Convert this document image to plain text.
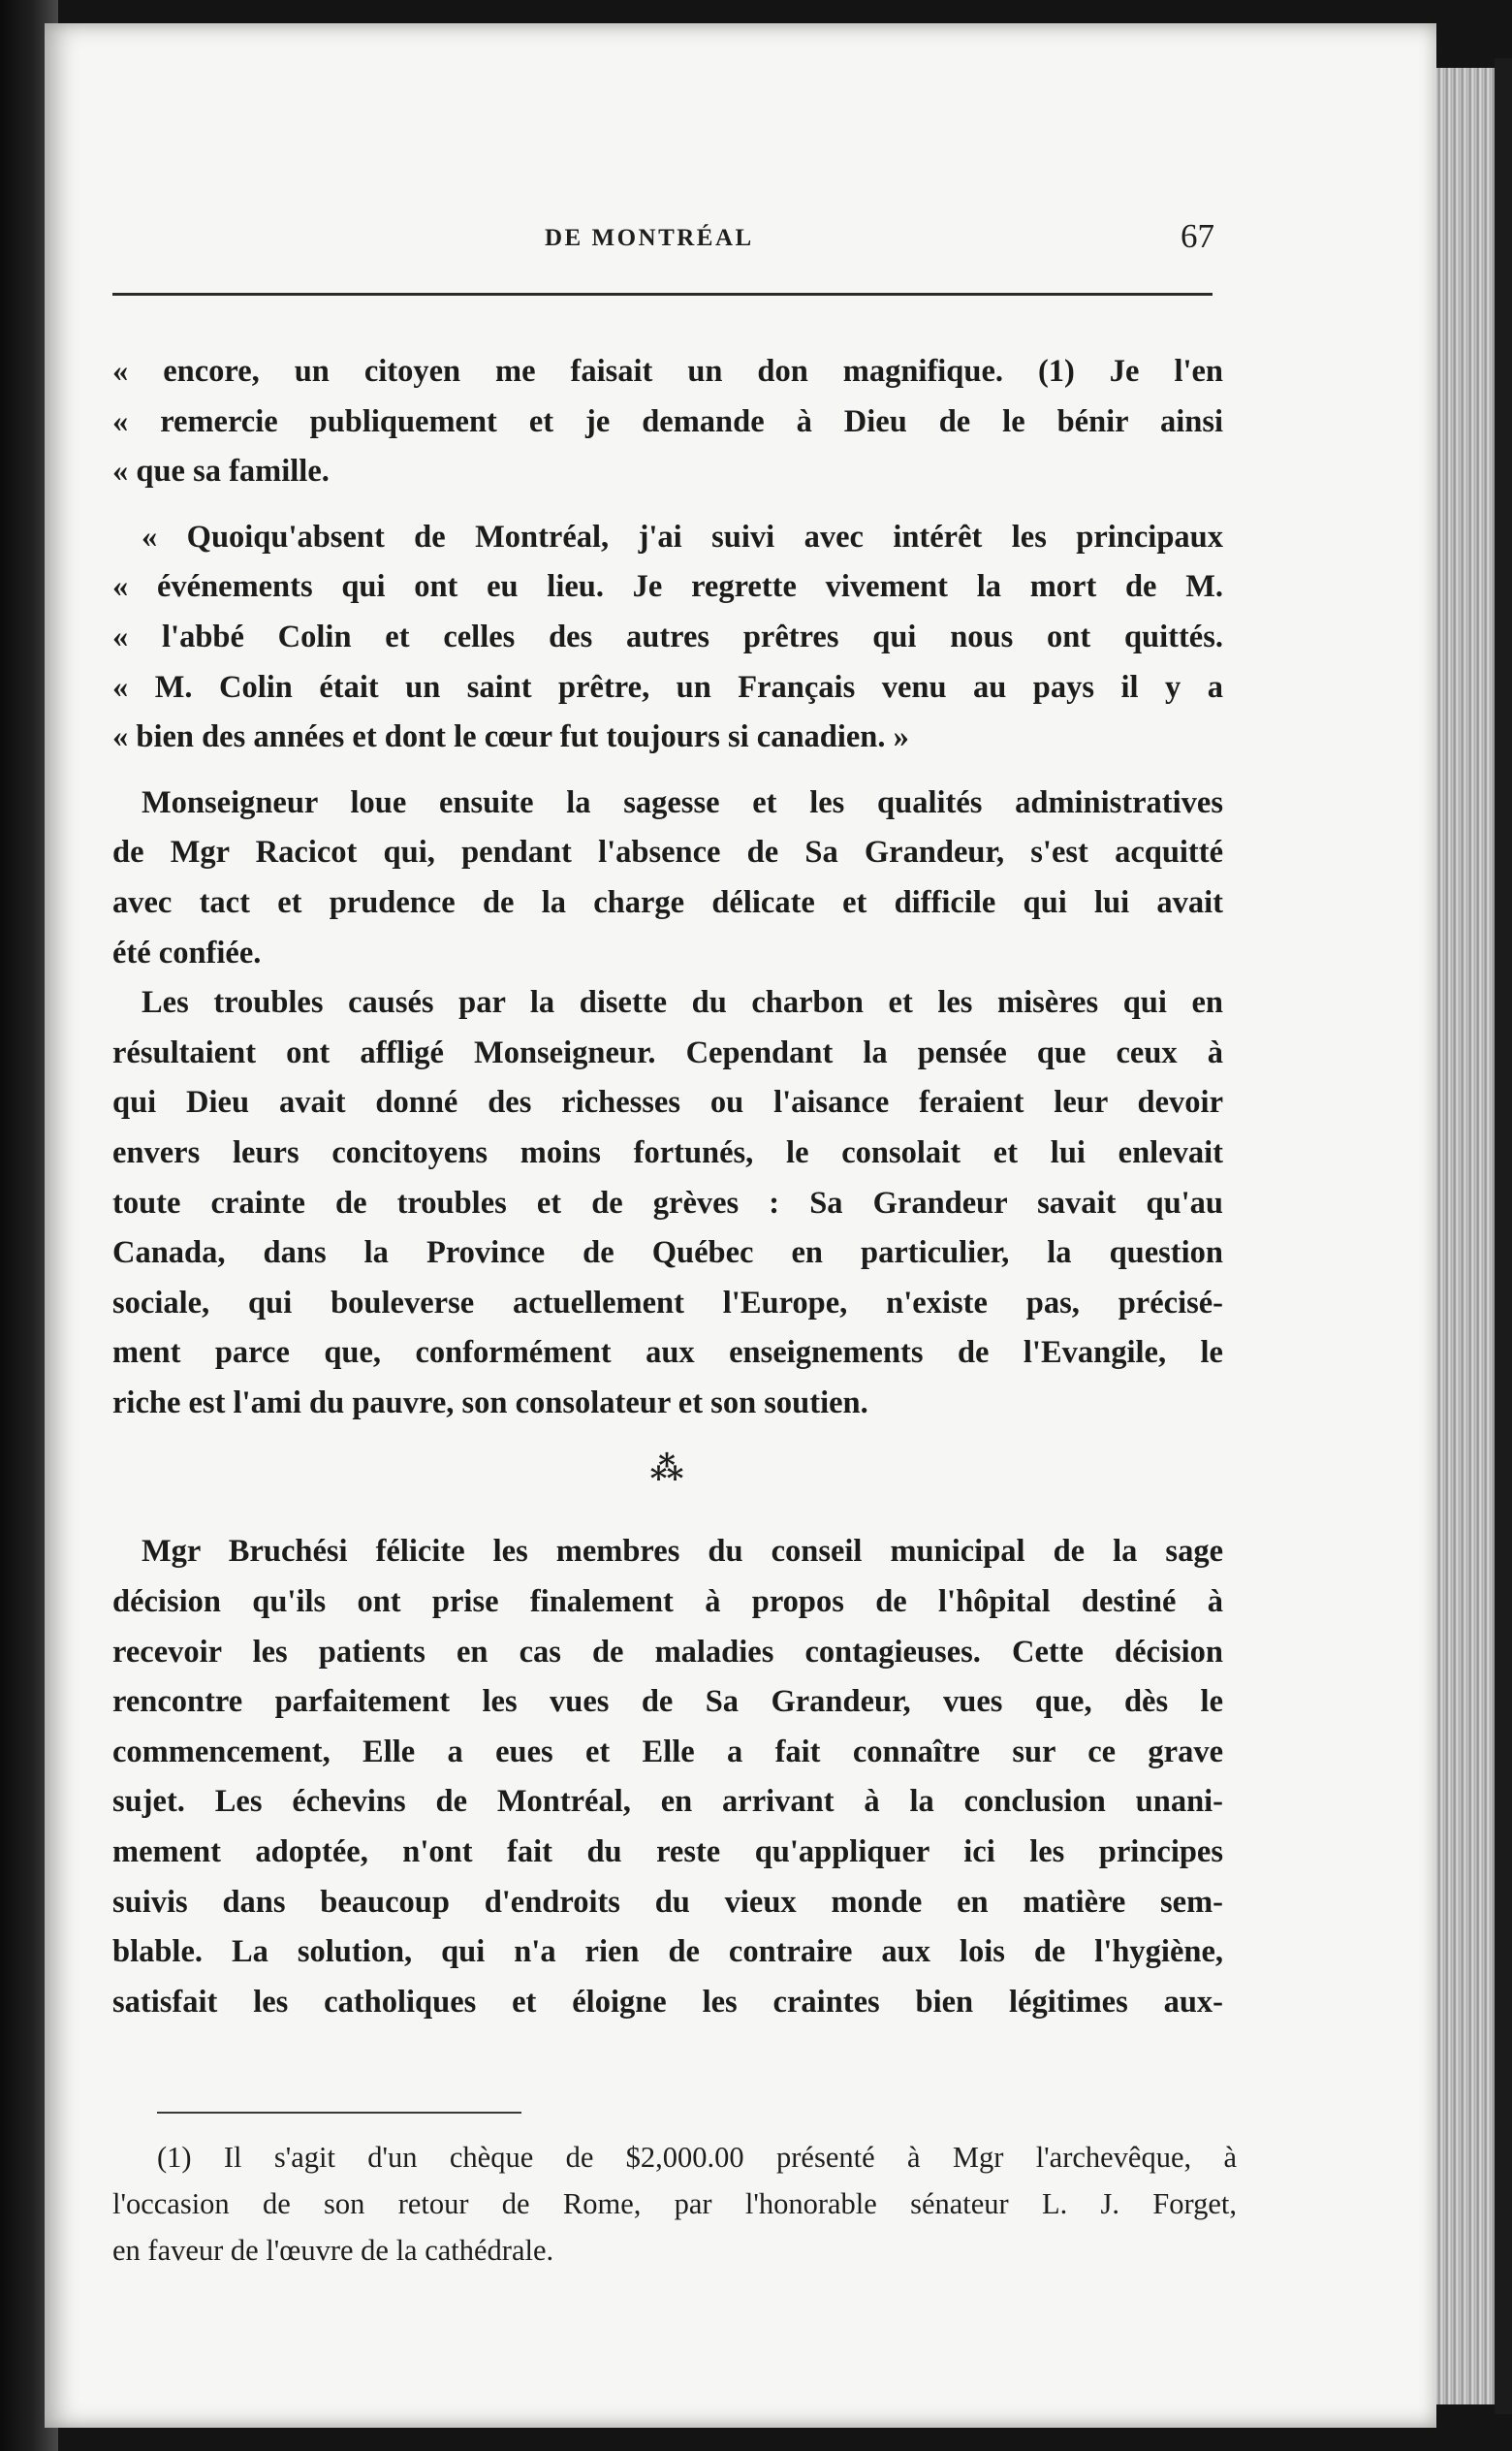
DE MONTRÉAL	67
« encore, un citoyen me faisait un don magnifique. (1) Je l'en
« remercie publiquement et je demande à Dieu de le bénir ainsi
« que sa famille.
« Quoiqu'absent de Montréal, j'ai suivi avec intérêt les principaux
« événements qui ont eu lieu. Je regrette vivement la mort de M.
« l'abbé Colin et celles des autres prêtres qui nous ont quittés.
« M. Colin était un saint prêtre, un Français venu au pays il y a
« bien des années et dont le cœur fut toujours si canadien. »
Monseigneur loue ensuite la sagesse et les qualités administratives
de Mgr Racicot qui, pendant l'absence de Sa Grandeur, s'est acquitté
avec tact et prudence de la charge délicate et difficile qui lui avait
été confiée.
Les troubles causés par la disette du charbon et les misères qui en
résultaient ont affligé Monseigneur. Cependant la pensée que ceux à
qui Dieu avait donné des richesses ou l'aisance feraient leur devoir
envers leurs concitoyens moins fortunés, le consolait et lui enlevait
toute crainte de troubles et de grèves : Sa Grandeur savait qu'au
Canada, dans la Province de Québec en particulier, la question
sociale, qui bouleverse actuellement l'Europe, n'existe pas, précisé-
ment parce que, conformément aux enseignements de l'Evangile, le
riche est l'ami du pauvre, son consolateur et son soutien.
⁂
Mgr Bruchési félicite les membres du conseil municipal de la sage
décision qu'ils ont prise finalement à propos de l'hôpital destiné à
recevoir les patients en cas de maladies contagieuses. Cette décision
rencontre parfaitement les vues de Sa Grandeur, vues que, dès le
commencement, Elle a eues et Elle a fait connaître sur ce grave
sujet. Les échevins de Montréal, en arrivant à la conclusion unani-
mement adoptée, n'ont fait du reste qu'appliquer ici les principes
suivis dans beaucoup d'endroits du vieux monde en matière sem-
blable. La solution, qui n'a rien de contraire aux lois de l'hygiène,
satisfait les catholiques et éloigne les craintes bien légitimes aux-
(1) Il s'agit d'un chèque de $2,000.00 présenté à Mgr l'archevêque, à
l'occasion de son retour de Rome, par l'honorable sénateur L. J. Forget,
en faveur de l'œuvre de la cathédrale.
